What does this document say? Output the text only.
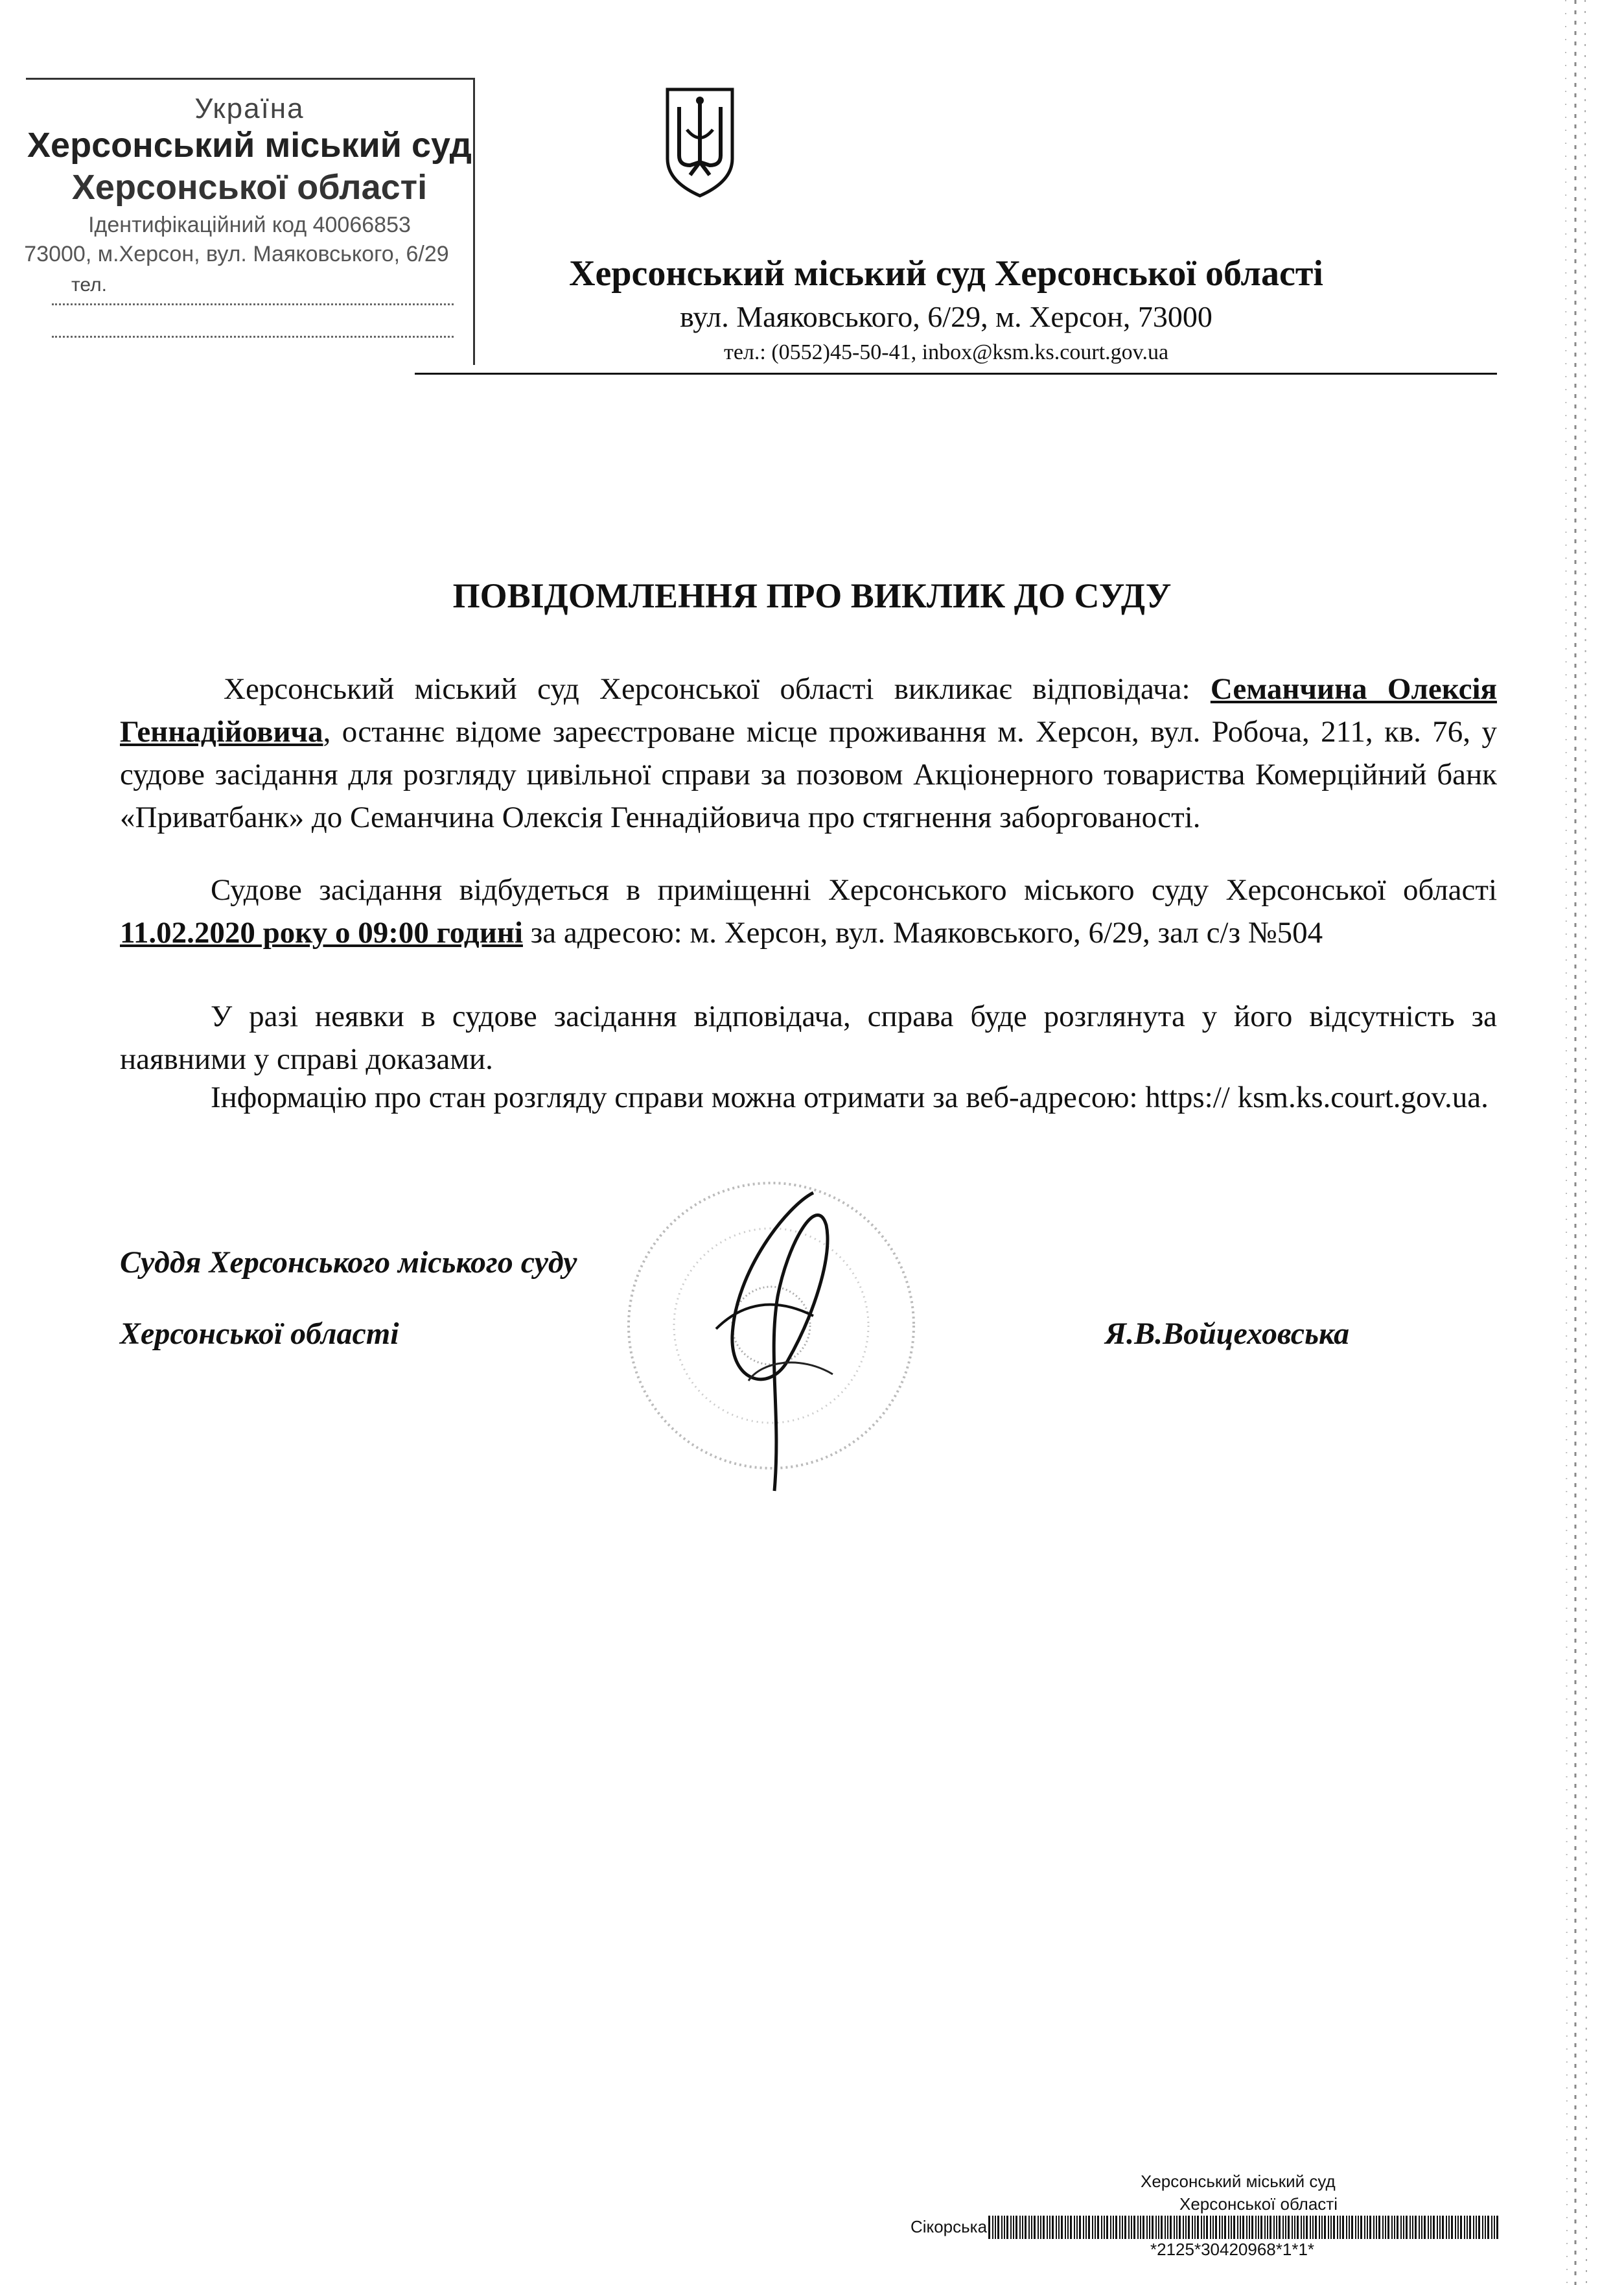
Україна
Херсонський міський суд
Херсонської області
Ідентифікаційний код 40066853
73000, м.Херсон, вул. Маяковського, 6/29
тел.	Херсонський міський суд Херсонської області
вул. Маяковського, 6/29, м. Херсон, 73000
тел.: (0552)45-50-41, inbox@ksm.ks.court.gov.ua
ПОВІДОМЛЕННЯ ПРО ВИКЛИК ДО СУДУ
Херсонський міський суд Херсонської області викликає відповідача: Семанчина Олексія Геннадійовича, останнє відоме зареєстроване місце проживання м. Херсон, вул. Робоча, 211, кв. 76, у судове засідання для розгляду цивільної справи за позовом Акціонерного товариства Комерційний банк «Приватбанк» до Семанчина Олексія Геннадійовича про стягнення заборгованості.
Судове засідання відбудеться в приміщенні Херсонського міського суду Херсонської області 11.02.2020 року о 09:00 годині за адресою: м. Херсон, вул. Маяковського, 6/29, зал с/з №504
У разі неявки в судове засідання відповідача, справа буде розглянута у його відсутність за наявними у справі доказами.
Інформацію про стан розгляду справи можна отримати за веб-адресою: https:// ksm.ks.court.gov.ua.
Суддя Херсонського міського суду
Херсонської області	Я.В.Войцеховська
Херсонський міський суд
Херсонської області
Сікорська
*2125*30420968*1*1*
